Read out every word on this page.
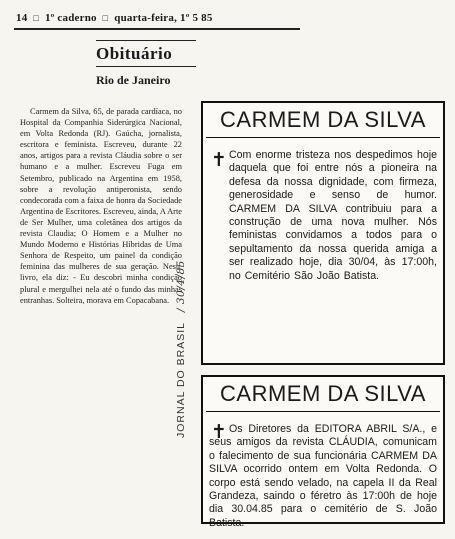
14 □ 1º caderno □ quarta-feira, 1º 5 85
Obituário
Rio de Janeiro
Carmem da Silva, 65, de parada cardíaca, no Hospital da Companhia Siderúrgica Nacional, em Volta Redonda (RJ). Gaúcha, jornalista, escritora e feminista. Escreveu, durante 22 anos, artigos para a revista Cláudia sobre o ser humano e a mulher. Escreveu Fuga em Setembro, publicado na Argentina em 1958, sobre a revolução antiperonista, sendo condecorada com a faixa de honra da Sociedade Argentina de Escritores. Escreveu, ainda, A Arte de Ser Mulher, uma coletânea dos artigos da revista Claudia; O Homem e a Mulher no Mundo Moderno e Histórias Híbridas de Uma Senhora de Respeito, um painel da condição feminina das mulheres de sua geração. Neste livro, ela diz: - Eu descobri minha condição plural e mergulhei nela até o fundo das minhas entranhas. Solteira, morava em Copacabana.
JORNAL DO BRASIL/ 30/4/85
CARMEM DA SILVA
✝ Com enorme tristeza nos despedimos hoje daquela que foi entre nós a pioneira na defesa da nossa dignidade, com firmeza, generosidade e senso de humor. CARMEM DA SILVA contribuiu para a construção de uma nova mulher. Nós feministas convidamos a todos para o sepultamento da nossa querida amiga a ser realizado hoje, dia 30/04, às 17:00h, no Cemitério São João Batista.
CARMEM DA SILVA
✝ Os Diretores da EDITORA ABRIL S/A., e seus amigos da revista CLÁUDIA, comunicam o falecimento de sua funcionária CARMEM DA SILVA ocorrido ontem em Volta Redonda. O corpo está sendo velado, na capela II da Real Grandeza, saindo o féretro às 17:00h de hoje dia 30.04.85 para o cemitério de S. João Batista.
